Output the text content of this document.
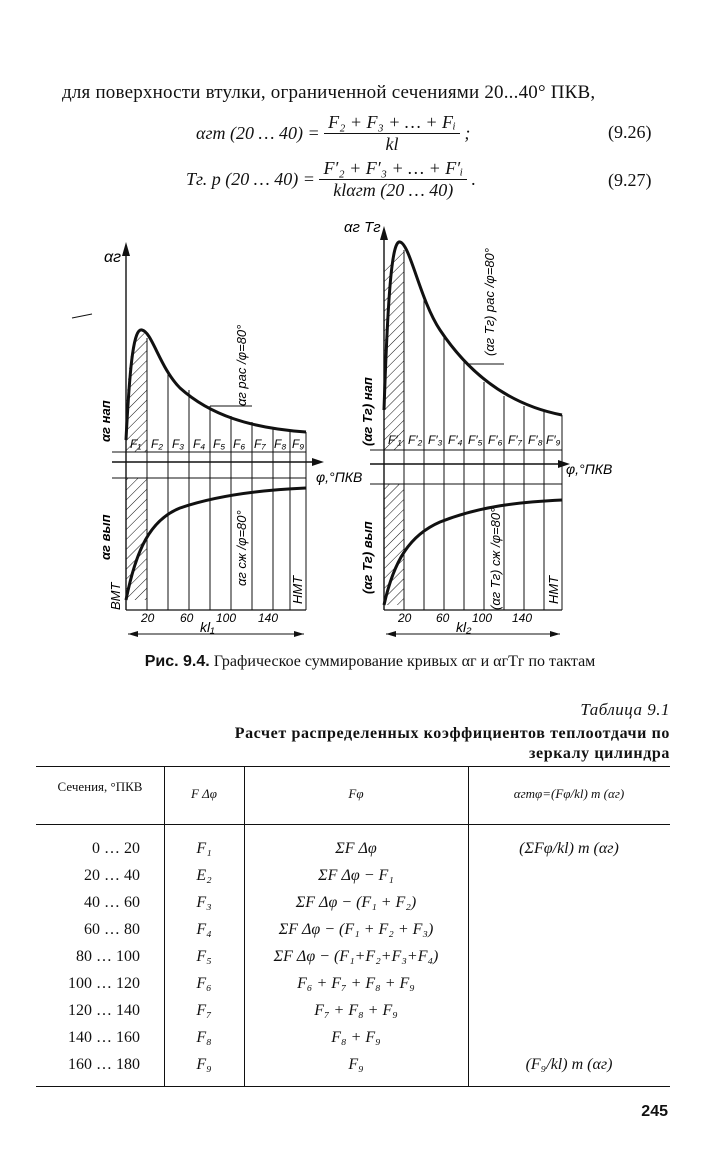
для поверхности втулки, ограниченной сечениями 20...40° ПКВ,
αгm (20 … $40) = \frac{\text{F₂ + F₃ + … + Fᵢ}}{kl}$ ;	(9.26)
Tг. р (20 … $40) = \frac{\text{F′₂ + F′₃ + … + F′ᵢ}}{\text{klαгm (20 … 40)}}$ .	(9.27)
αг
φ,°ПКВ
F₁ F₂ F₃ F₄ F₅ F₆ F₇ F₈ F₉
αг нап
αг вып
ВМТ	НМТ
αг рас /φ=80°
αг сж /φ=80°
20 60 100 140
kl₁
αг Tг
φ,°ПКВ
F′₁ F′₂ F′₃ F′₄ F′₅ F′₆ F′₇ F′₈ F′₉
(αг Tг) нап
(αг Tг) вып	НМТ
(αг Tг) рас /φ=80°
(αг Tг) сж /φ=80°
20 60 100 140
kl₂
Рис. 9.4. Графическое суммирование кривых αг и αгTг по тактам
Таблица 9.1
Расчет распределенных коэффициентов теплоотдачи по зеркалу цилиндра
Сечения, °ПКВ	F Δφ	Fφ	αгmφ=(Fφ/kl) m (αг)
0 … 20	F₁	ΣF Δφ	(ΣFφ/kl) m (αг)
20 … 40	E₂	ΣF Δφ − F₁
40 … 60	F₃	ΣF Δφ − (F₁ + F₂)
60 … 80	F₄	ΣF Δφ − (F₁ + F₂ + F₃)
80 … 100	F₅	ΣF Δφ − (F₁+F₂+F₃+F₄)
100 … 120	F₆	F₆ + F₇ + F₈ + F₉
120 … 140	F₇	F₇ + F₈ + F₉
140 … 160	F₈	F₈ + F₉
160 … 180	F₉	F₉	(F₉/kl) m (αг)
245
